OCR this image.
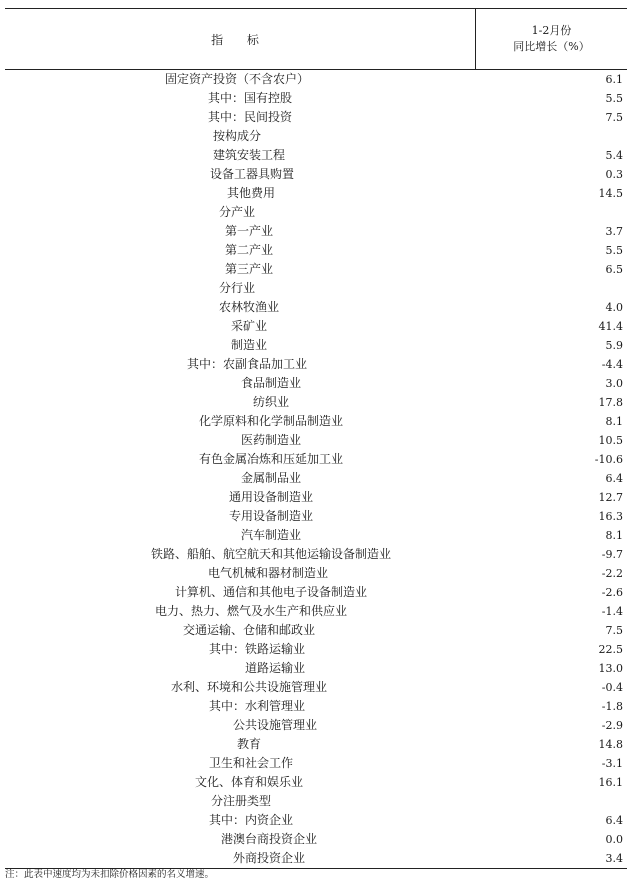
指 标
1-2月份
同比增长（%）
固定资产投资（不含农户）	6.1
其中：国有控股	5.5
其中：民间投资	7.5
按构成分
建筑安装工程	5.4
设备工器具购置	0.3
其他费用	14.5
分产业
第一产业	3.7
第二产业	5.5
第三产业	6.5
分行业
农林牧渔业	4.0
采矿业	41.4
制造业	5.9
其中：农副食品加工业	-4.4
食品制造业	3.0
纺织业	17.8
化学原料和化学制品制造业	8.1
医药制造业	10.5
有色金属冶炼和压延加工业	-10.6
金属制品业	6.4
通用设备制造业	12.7
专用设备制造业	16.3
汽车制造业	8.1
铁路、船舶、航空航天和其他运输设备制造业	-9.7
电气机械和器材制造业	-2.2
计算机、通信和其他电子设备制造业	-2.6
电力、热力、燃气及水生产和供应业	-1.4
交通运输、仓储和邮政业	7.5
其中：铁路运输业	22.5
道路运输业	13.0
水利、环境和公共设施管理业	-0.4
其中：水利管理业	-1.8
公共设施管理业	-2.9
教育	14.8
卫生和社会工作	-3.1
文化、体育和娱乐业	16.1
分注册类型
其中：内资企业	6.4
港澳台商投资企业	0.0
外商投资企业	3.4
注：此表中速度均为未扣除价格因素的名义增速。
